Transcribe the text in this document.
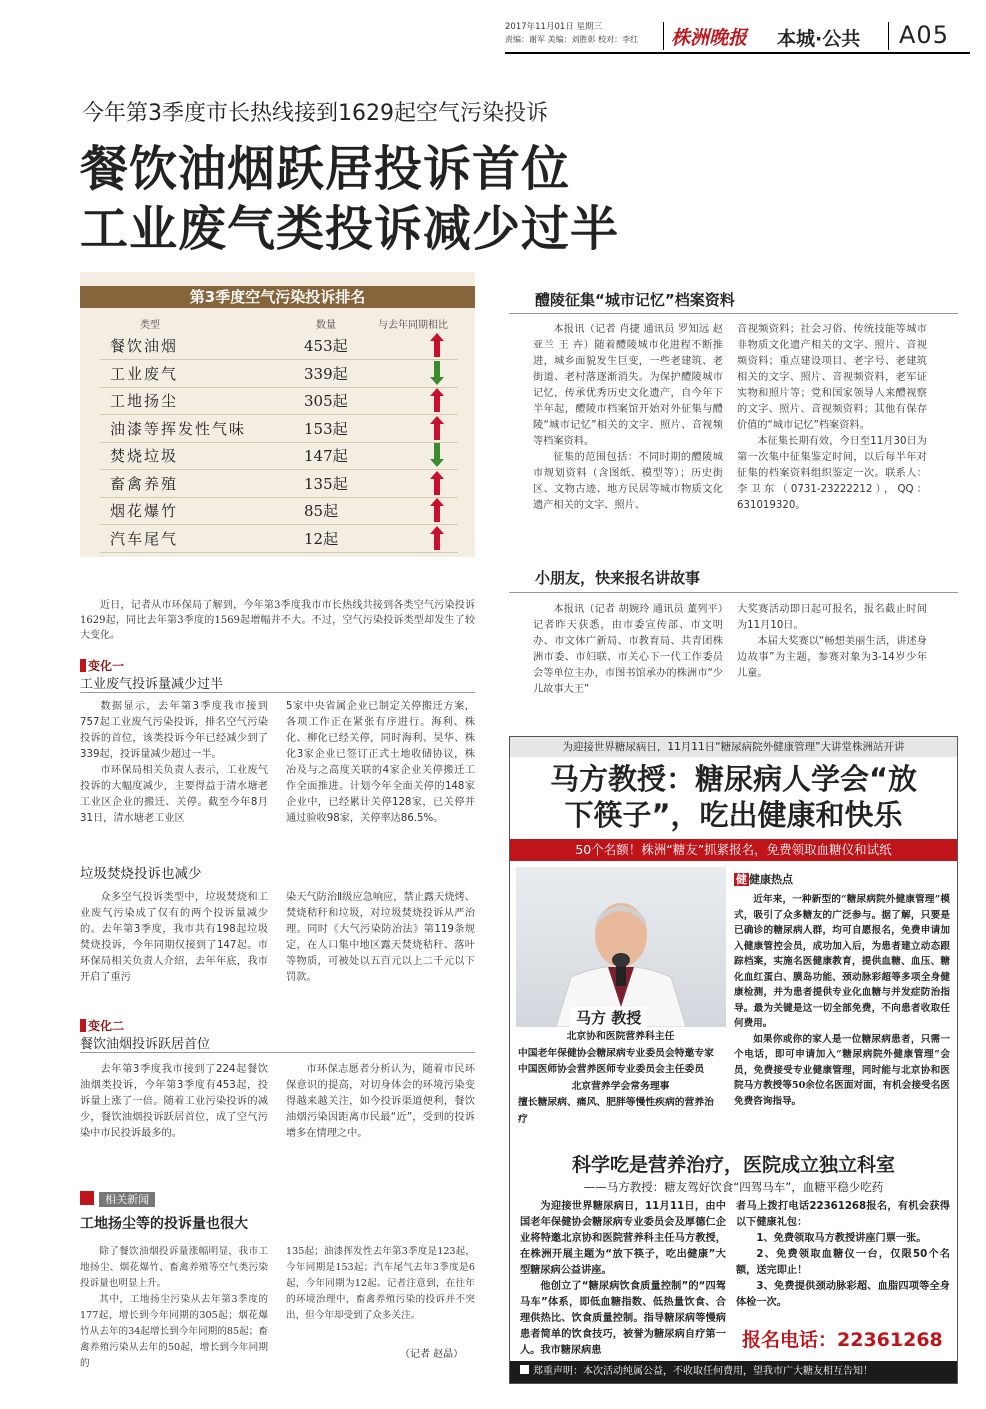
2017年11月01日 星期三
责编：谢军 美编：刘胜彰 校对：李红 株洲晚报 本城·公共 A05
今年第3季度市长热线接到1629起空气污染投诉
餐饮油烟跃居投诉首位
工业废气类投诉减少过半
第3季度空气污染投诉排名
类型	数量	与去年同期相比
餐饮油烟	453起
工业废气	339起
工地扬尘	305起
油漆等挥发性气味	153起
焚烧垃圾	147起
畜禽养殖	135起
烟花爆竹	85起
汽车尾气	12起

近日，记者从市环保局了解到，今年第3季度我市市长热线共接到各类空气污染投诉1629起，同比去年第3季度的1569起增幅并不大。不过，空气污染投诉类型却发生了较大变化。

变化一
工业废气投诉量减少过半

数据显示，去年第3季度我市接到757起工业废气污染投诉，排名空气污染投诉的首位，该类投诉今年已经减少到了339起，投诉量减少超过一半。

市环保局相关负责人表示，工业废气投诉的大幅度减少，主要得益于清水塘老工业区企业的搬迁、关停。截至今年8月31日，清水塘老工业区

5家中央省属企业已制定关停搬迁方案，各项工作正在紧张有序进行。海利、株化、柳化已经关停，同时海利、昊华、株化3家企业已签订正式土地收储协议，株冶及与之高度关联的4家企业关停搬迁工作全面推进。计划今年全面关停的148家企业中，已经累计关停128家，已关停并通过验收98家，关停率达86.5%。

垃圾焚烧投诉也减少

众多空气投诉类型中，垃圾焚烧和工业废气污染成了仅有的两个投诉量减少的。去年第3季度，我市共有198起垃圾焚烧投诉，今年同期仅接到了147起。市环保局相关负责人介绍，去年年底，我市开启了重污

染天气防治Ⅱ级应急响应，禁止露天烧烤、焚烧秸秆和垃圾，对垃圾焚烧投诉从严治理。同时《大气污染防治法》第119条规定，在人口集中地区露天焚烧秸秆、落叶等物质，可被处以五百元以上二千元以下罚款。

变化二
餐饮油烟投诉跃居首位

去年第3季度我市接到了224起餐饮油烟类投诉，今年第3季度有453起，投诉量上涨了一倍。随着工业污染投诉的减少，餐饮油烟投诉跃居首位，成了空气污染中市民投诉最多的。

市环保志愿者分析认为，随着市民环保意识的提高，对切身体会的环境污染变得越来越关注，如今投诉渠道便利，餐饮油烟污染因距离市民最“近”，受到的投诉增多在情理之中。

相关新闻
工地扬尘等的投诉量也很大

除了餐饮油烟投诉量涨幅明显，我市工地扬尘、烟花爆竹、畜禽养殖等空气类污染投诉量也明显上升。

其中，工地扬尘污染从去年第3季度的177起，增长到今年同期的305起；烟花爆竹从去年的34起增长到今年同期的85起；畜禽养殖污染从去年的50起，增长到今年同期的

135起；油漆挥发性去年第3季度是123起，今年同期是153起；汽车尾气去年3季度是6起，今年同期为12起。记者注意到，在往年的环境治理中，畜禽养殖污染的投诉并不突出，但今年却受到了众多关注。

（记者 赵晶）
醴陵征集“城市记忆”档案资料

本报讯（记者 肖捷 通讯员 罗知远 赵亚兰 王 卉）随着醴陵城市化进程不断推进，城乡面貌发生巨变，一些老建筑、老街道、老村落逐渐消失。为保护醴陵城市记忆，传承优秀历史文化遗产，自今年下半年起，醴陵市档案馆开始对外征集与醴陵“城市记忆”相关的文字、照片、音视频等档案资料。

征集的范围包括：不同时期的醴陵城市规划资料（含图纸、模型等）；历史街区、文物古迹、地方民居等城市物质文化遗产相关的文字、照片、

音视频资料；社会习俗、传统技能等城市非物质文化遗产相关的文字、照片、音视频资料；重点建设项目、老字号、老建筑相关的文字、照片、音视频资料，老军证实物和照片等；党和国家领导人来醴视察的文字、照片、音视频资料；其他有保存价值的“城市记忆”档案资料。

本征集长期有效，今日至11月30日为第一次集中征集鉴定时间，以后每半年对征集的档案资料组织鉴定一次。联系人：李卫东（0731-23222212），QQ：631019320。

小朋友，快来报名讲故事

本报讯（记者 胡婉玲 通讯员 董列平）记者昨天获悉，由市委宣传部、市文明办、市文体广新局、市教育局、共青团株洲市委、市妇联、市关心下一代工作委员会等单位主办，市图书馆承办的株洲市“少儿故事大王”

大奖赛活动即日起可报名，报名截止时间为11月10日。

本届大奖赛以“畅想美丽生活，讲述身边故事”为主题，参赛对象为3-14岁少年儿童。

为迎接世界糖尿病日，11月11日“糖尿病院外健康管理”大讲堂株洲站开讲
马方教授：糖尿病人学会“放
下筷子”，吃出健康和快乐
50个名额！株洲“糖友”抓紧报名，免费领取血糖仪和试纸
马方 教授
北京协和医院营养科主任
中国老年保健协会糖尿病专业委员会特邀专家
中国医师协会营养医师专业委员会主任委员
北京营养学会常务理事
擅长糖尿病、痛风、肥胖等慢性疾病的营养治疗
健 健康热点

近年来，一种新型的“糖尿病院外健康管理”模式，吸引了众多糖友的广泛参与。据了解，只要是已确诊的糖尿病人群，均可自愿报名，免费申请加入健康管控会员，成功加入后，为患者建立动态跟踪档案，实施名医健康教育，提供血糖、血压、糖化血红蛋白、膜岛功能、颈动脉彩超等多项全身健康检测，并为患者提供专业化血糖与并发症防治指导。最为关键是这一切全部免费，不向患者收取任何费用。

如果你或你的家人是一位糖尿病患者，只需一个电话，即可申请加入“糖尿病院外健康管理”会员，免费接受专业健康管理，同时能与北京协和医院马方教授等50余位名医面对面，有机会接受名医免费咨询指导。

科学吃是营养治疗，医院成立独立科室
——马方教授：糖友驾好饮食“四驾马车”，血糖平稳少吃药

为迎接世界糖尿病日，11月11日，由中国老年保健协会糖尿病专业委员会及厚德仁企业将特邀北京协和医院营养科主任马方教授，在株洲开展主题为“放下筷子，吃出健康”大型糖尿病公益讲座。

他创立了“糖尿病饮食质量控制”的“四驾马车”体系，即低血糖指数、低热量饮食、合理供热比、饮食质量控制。指导糖尿病等慢病患者简单的饮食技巧，被誉为糖尿病自疗第一人。我市糖尿病患

者马上拨打电话22361268报名，有机会获得以下健康礼包：

1、免费领取马方教授讲座门票一张。

2、免费领取血糖仪一台，仅限50个名额，送完即止！

3、免费提供颈动脉彩超、血脂四项等全身体检一次。

报名电话：22361268
郑重声明：本次活动纯属公益，不收取任何费用，望我市广大糖友相互告知！
